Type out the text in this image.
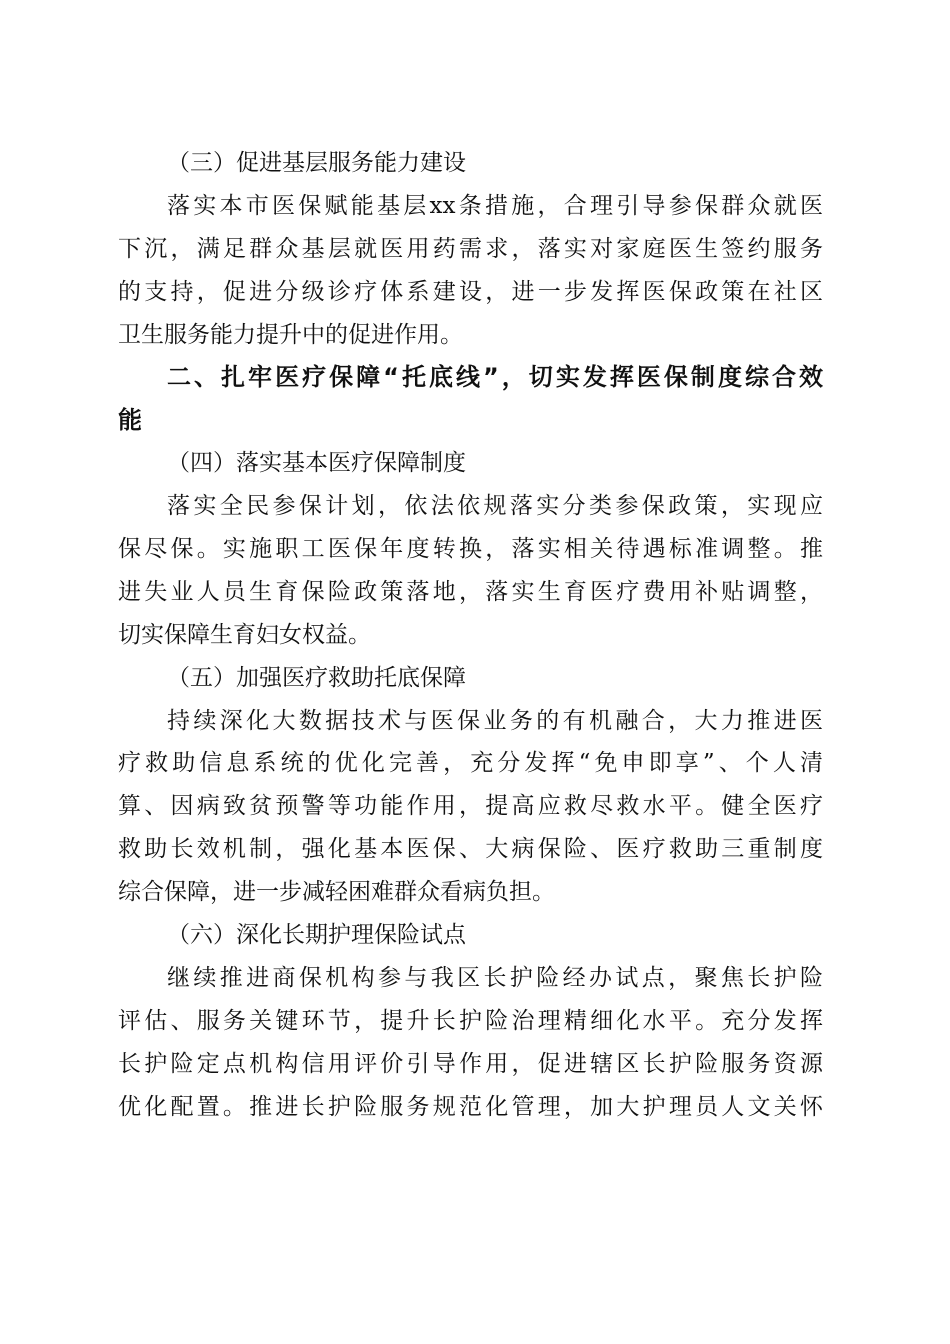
（三）促进基层服务能力建设
落实本市医保赋能基层xx条措施，合理引导参保群众就医
下沉，满足群众基层就医用药需求，落实对家庭医生签约服务
的支持，促进分级诊疗体系建设，进一步发挥医保政策在社区
卫生服务能力提升中的促进作用。
二、扎牢医疗保障“托底线”，切实发挥医保制度综合效
能
（四）落实基本医疗保障制度
落实全民参保计划，依法依规落实分类参保政策，实现应
保尽保。实施职工医保年度转换，落实相关待遇标准调整。推
进失业人员生育保险政策落地，落实生育医疗费用补贴调整，
切实保障生育妇女权益。
（五）加强医疗救助托底保障
持续深化大数据技术与医保业务的有机融合，大力推进医
疗救助信息系统的优化完善，充分发挥“免申即享”、个人清
算、因病致贫预警等功能作用，提高应救尽救水平。健全医疗
救助长效机制，强化基本医保、大病保险、医疗救助三重制度
综合保障，进一步减轻困难群众看病负担。
（六）深化长期护理保险试点
继续推进商保机构参与我区长护险经办试点，聚焦长护险
评估、服务关键环节，提升长护险治理精细化水平。充分发挥
长护险定点机构信用评价引导作用，促进辖区长护险服务资源
优化配置。推进长护险服务规范化管理，加大护理员人文关怀
